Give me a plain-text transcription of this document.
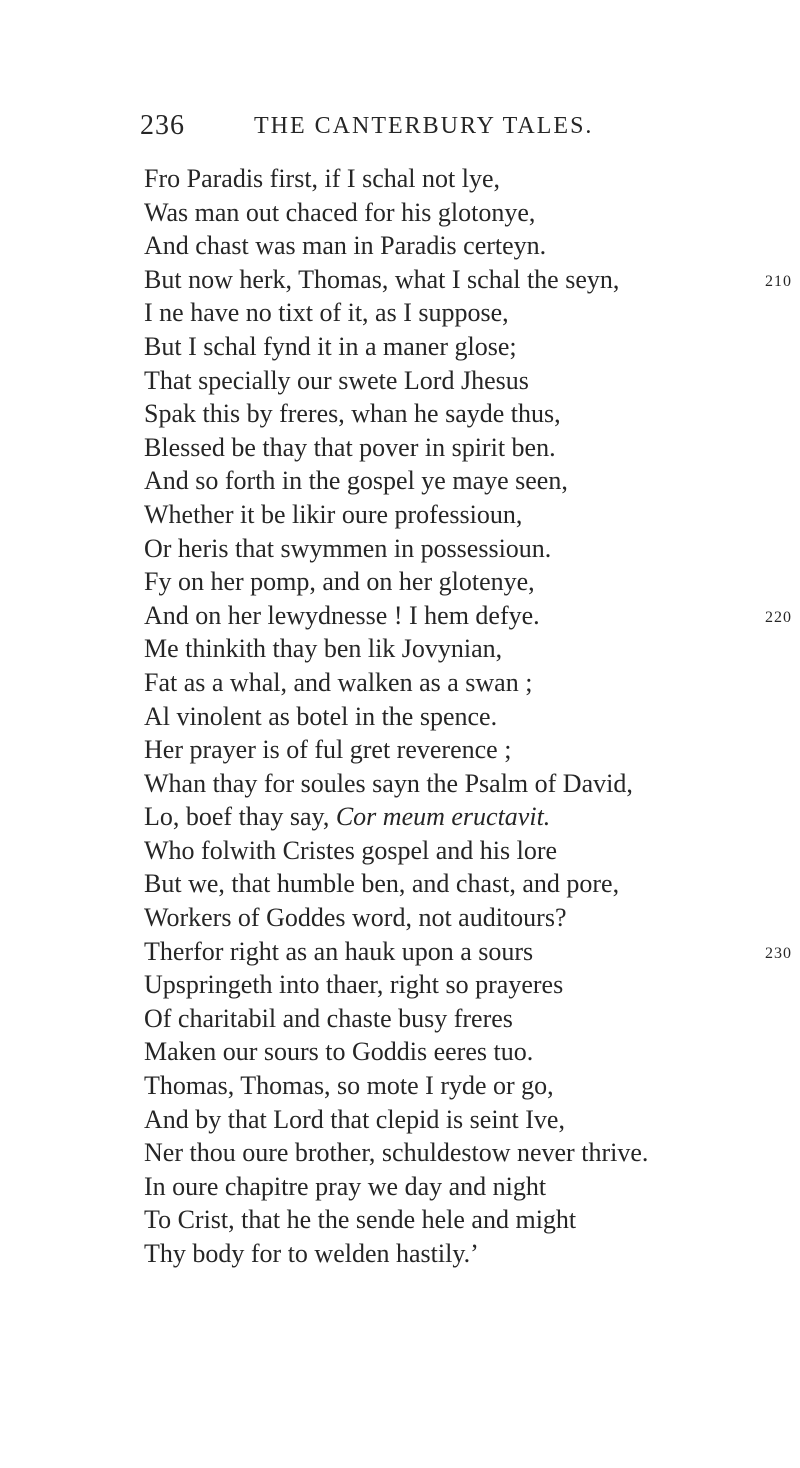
236	THE CANTERBURY TALES.
Fro Paradis first, if I schal not lye,
Was man out chaced for his glotonye,
And chast was man in Paradis certeyn.
But now herk, Thomas, what I schal the seyn,	210
I ne have no tixt of it, as I suppose,
But I schal fynd it in a maner glose;
That specially our swete Lord Jhesus
Spak this by freres, whan he sayde thus,
Blessed be thay that pover in spirit ben.
And so forth in the gospel ye maye seen,
Whether it be likir oure professioun,
Or heris that swymmen in possessioun.
Fy on her pomp, and on her glotenye,
And on her lewydnesse ! I hem defye.	220
Me thinkith thay ben lik Jovynian,
Fat as a whal, and walken as a swan ;
Al vinolent as botel in the spence.
Her prayer is of ful gret reverence ;
Whan thay for soules sayn the Psalm of David,
Lo, boef thay say, Cor meum eructavit.
Who folwith Cristes gospel and his lore
But we, that humble ben, and chast, and pore,
Workers of Goddes word, not auditours?
Therfor right as an hauk upon a sours	230
Upspringeth into thaer, right so prayeres
Of charitabil and chaste busy freres
Maken our sours to Goddis eeres tuo.
Thomas, Thomas, so mote I ryde or go,
And by that Lord that clepid is seint Ive,
Ner thou oure brother, schuldestow never thrive.
In oure chapitre pray we day and night
To Crist, that he the sende hele and might
Thy body for to welden hastily.’
